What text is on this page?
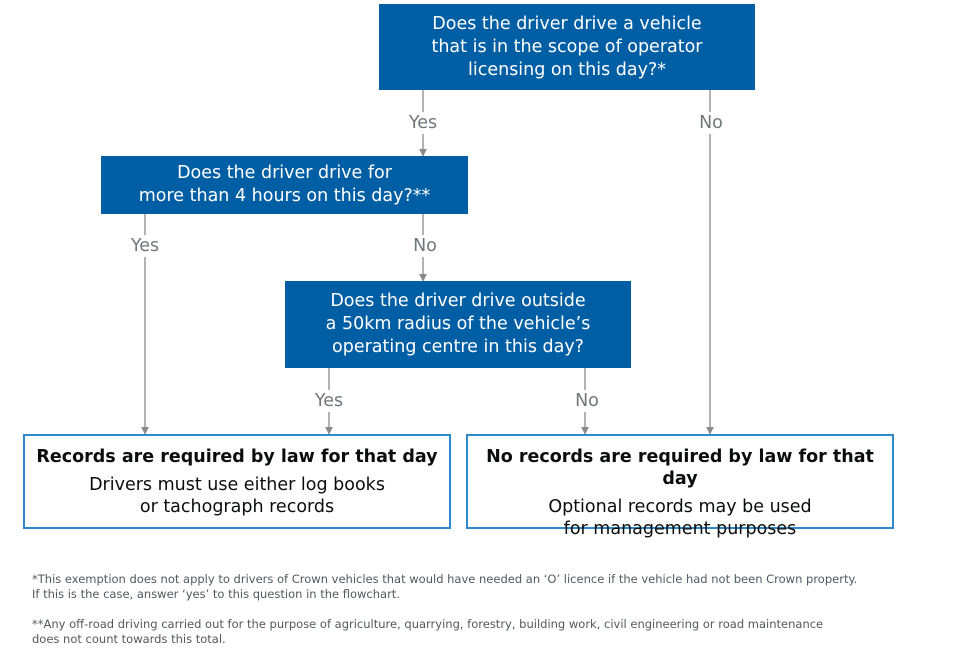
Does the driver drive a vehicle
that is in the scope of operator
licensing on this day?*
Does the driver drive for
more than 4 hours on this day?**
Does the driver drive outside
a 50km radius of the vehicle’s
operating centre in this day?
Yes	No
Yes	No
Yes	No
Records are required by law for that day
Drivers must use either log books
or tachograph records
No records are required by law for that day
Optional records may be used
for management purposes
*This exemption does not apply to drivers of Crown vehicles that would have needed an ‘O’ licence if the vehicle had not been Crown property.
If this is the case, answer ‘yes’ to this question in the flowchart.
**Any off-road driving carried out for the purpose of agriculture, quarrying, forestry, building work, civil engineering or road maintenance
does not count towards this total.
